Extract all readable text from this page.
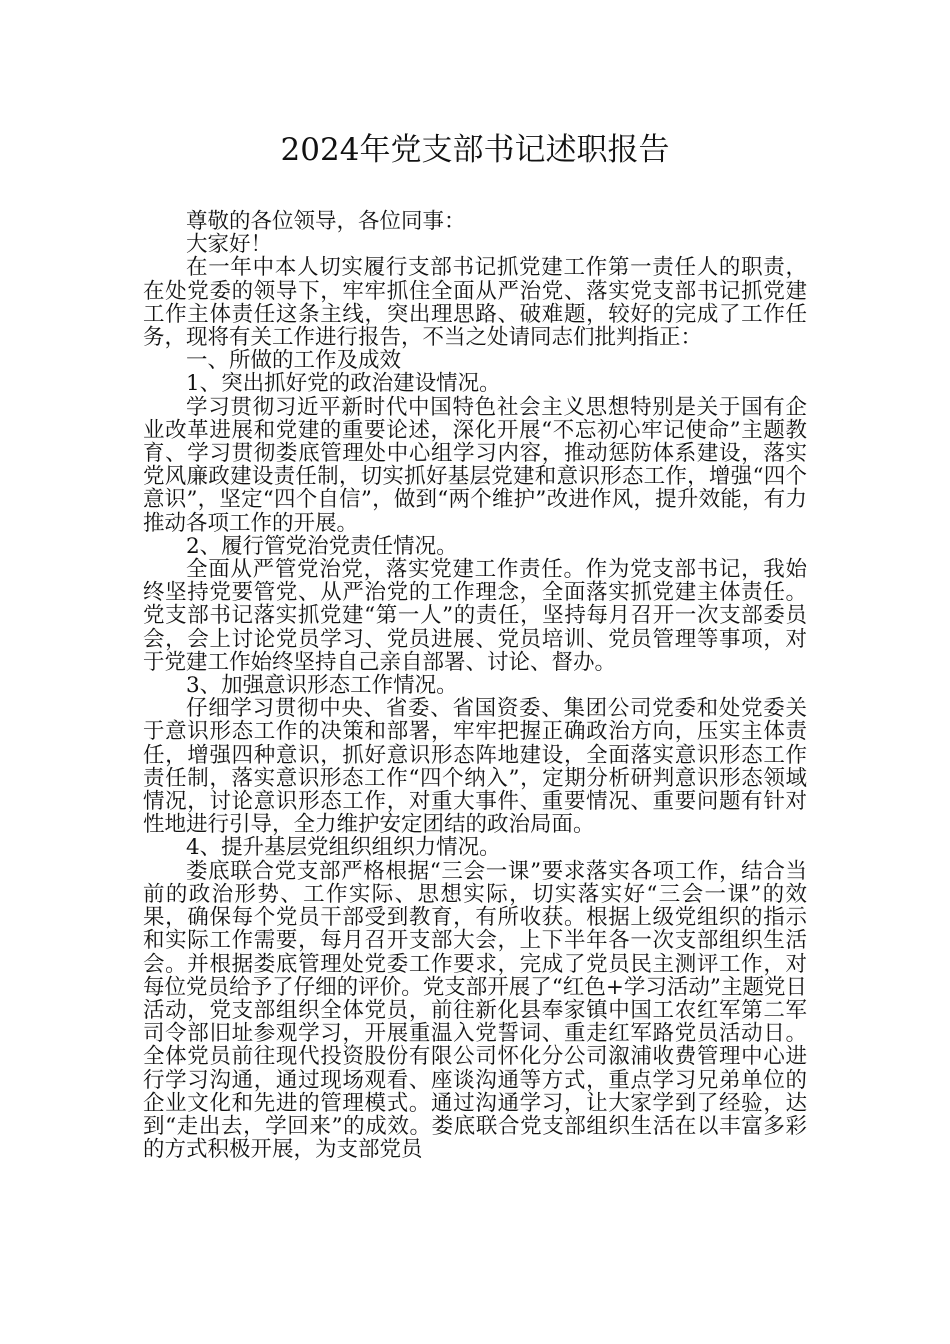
2024年党支部书记述职报告

尊敬的各位领导，各位同事：

大家好！

在一年中本人切实履行支部书记抓党建工作第一责任人的职责，在处党委的领导下，牢牢抓住全面从严治党、落实党支部书记抓党建工作主体责任这条主线，突出理思路、破难题，较好的完成了工作任务，现将有关工作进行报告，不当之处请同志们批判指正：

一、所做的工作及成效

1、突出抓好党的政治建设情况。

学习贯彻习近平新时代中国特色社会主义思想特别是关于国有企业改革进展和党建的重要论述，深化开展“不忘初心牢记使命”主题教育、学习贯彻娄底管理处中心组学习内容，推动惩防体系建设，落实党风廉政建设责任制，切实抓好基层党建和意识形态工作，增强“四个意识”，坚定“四个自信”，做到“两个维护”改进作风，提升效能，有力推动各项工作的开展。

2、履行管党治党责任情况。

全面从严管党治党，落实党建工作责任。作为党支部书记，我始终坚持党要管党、从严治党的工作理念，全面落实抓党建主体责任。党支部书记落实抓党建“第一人”的责任，坚持每月召开一次支部委员会，会上讨论党员学习、党员进展、党员培训、党员管理等事项，对于党建工作始终坚持自己亲自部署、讨论、督办。

3、加强意识形态工作情况。

仔细学习贯彻中央、省委、省国资委、集团公司党委和处党委关于意识形态工作的决策和部署，牢牢把握正确政治方向，压实主体责任，增强四种意识，抓好意识形态阵地建设，全面落实意识形态工作责任制，落实意识形态工作“四个纳入”，定期分析研判意识形态领域情况，讨论意识形态工作，对重大事件、重要情况、重要问题有针对性地进行引导，全力维护安定团结的政治局面。

4、提升基层党组织组织力情况。

娄底联合党支部严格根据“三会一课”要求落实各项工作，结合当前的政治形势、工作实际、思想实际，切实落实好“三会一课”的效果，确保每个党员干部受到教育，有所收获。根据上级党组织的指示和实际工作需要，每月召开支部大会，上下半年各一次支部组织生活会。并根据娄底管理处党委工作要求，完成了党员民主测评工作，对每位党员给予了仔细的评价。党支部开展了“红色+学习活动”主题党日活动，党支部组织全体党员，前往新化县奉家镇中国工农红军第二军司令部旧址参观学习，开展重温入党誓词、重走红军路党员活动日。全体党员前往现代投资股份有限公司怀化分公司溆浦收费管理中心进行学习沟通，通过现场观看、座谈沟通等方式，重点学习兄弟单位的企业文化和先进的管理模式。通过沟通学习，让大家学到了经验，达到“走出去，学回来”的成效。娄底联合党支部组织生活在以丰富多彩的方式积极开展，为支部党员
